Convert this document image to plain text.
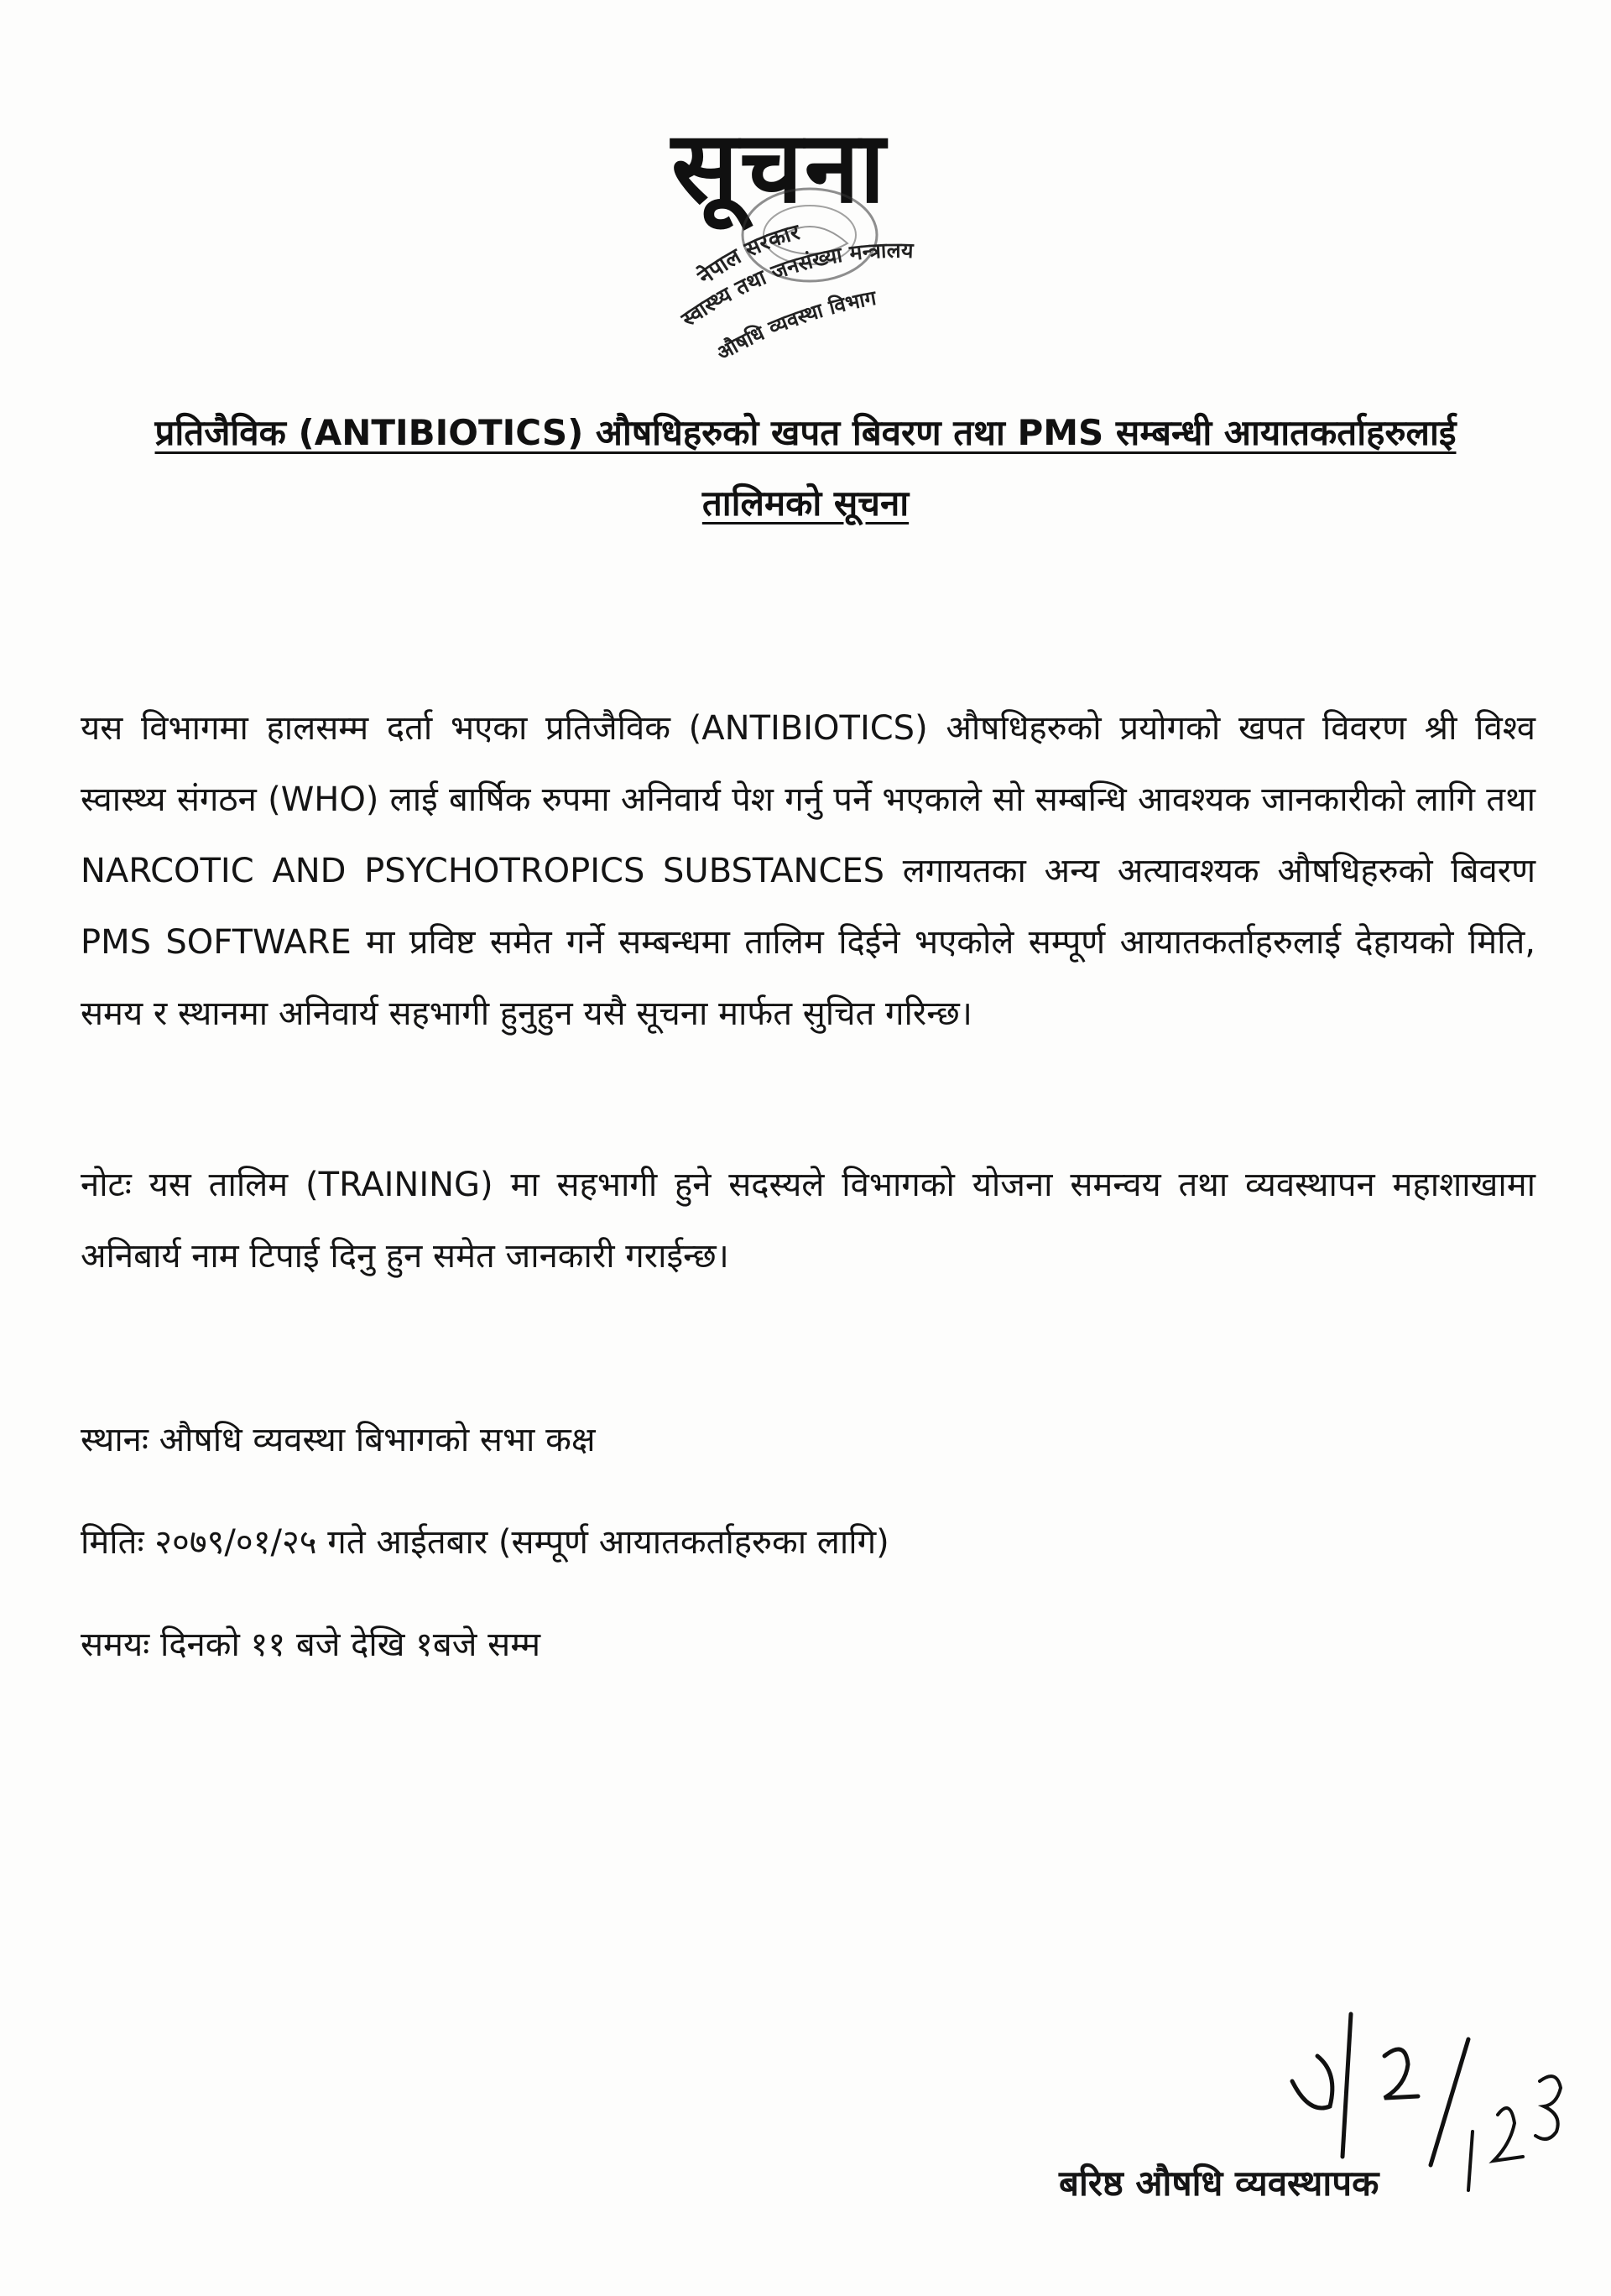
सूचना
नेपाल सरकार
स्वास्थ्य तथा जनसंख्या मन्त्रालय
औषधि व्यवस्था विभाग
प्रतिजैविक (ANTIBIOTICS) औषधिहरुको खपत बिवरण तथा PMS सम्बन्धी आयातकर्ताहरुलाई
तालिमको सूचना
यस विभागमा हालसम्म दर्ता भएका प्रतिजैविक (ANTIBIOTICS) औषधिहरुको प्रयोगको खपत विवरण श्री विश्व स्वास्थ्य संगठन (WHO) लाई बार्षिक रुपमा अनिवार्य पेश गर्नु पर्ने भएकाले सो सम्बन्धि आवश्यक जानकारीको लागि तथा NARCOTIC AND PSYCHOTROPICS SUBSTANCES लगायतका अन्य अत्यावश्यक औषधिहरुको बिवरण PMS SOFTWARE मा प्रविष्ट समेत गर्ने सम्बन्धमा तालिम दिईने भएकोले सम्पूर्ण आयातकर्ताहरुलाई देहायको मिति, समय र स्थानमा अनिवार्य सहभागी हुनुहुन यसै सूचना मार्फत सुचित गरिन्छ।
नोटः यस तालिम (TRAINING) मा सहभागी हुने सदस्यले विभागको योजना समन्वय तथा व्यवस्थापन महाशाखामा अनिबार्य नाम टिपाई दिनु हुन समेत जानकारी गराईन्छ।
स्थानः औषधि व्यवस्था बिभागको सभा कक्ष
मितिः २०७९/०१/२५ गते आईतबार (सम्पूर्ण आयातकर्ताहरुका लागि)
समयः दिनको ११ बजे देखि १बजे सम्म
बरिष्ठ औषधि व्यवस्थापक
